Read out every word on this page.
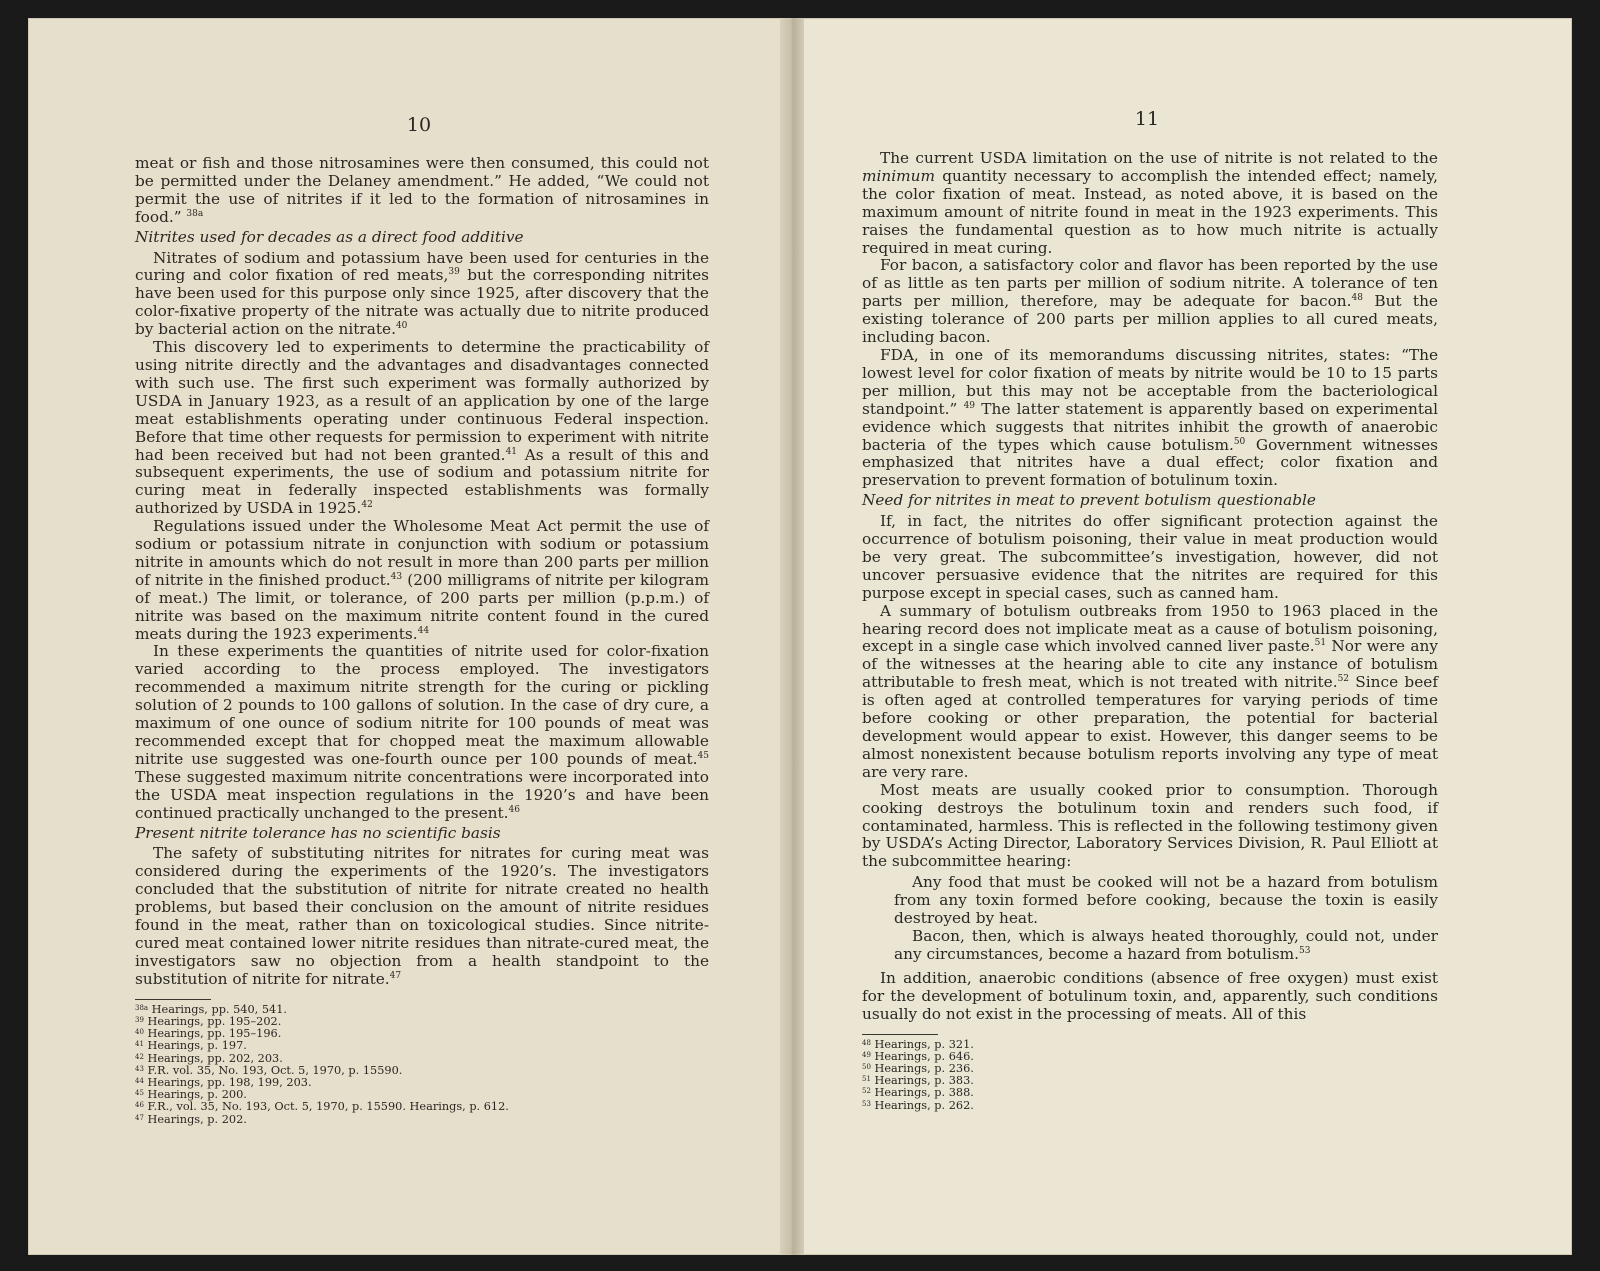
10

meat or fish and those nitrosamines were then consumed, this could not be permitted under the Delaney amendment.” He added, “We could not permit the use of nitrites if it led to the formation of nitrosamines in food.” $^{38a}$

Nitrites used for decades as a direct food additive

Nitrates of sodium and potassium have been used for centuries in the curing and color fixation of red meats,$^{39}$ but the corresponding nitrites have been used for this purpose only since 1925, after discovery that the color-fixative property of the nitrate was actually due to nitrite produced by bacterial action on the nitrate.$^{40}$

This discovery led to experiments to determine the practicability of using nitrite directly and the advantages and disadvantages connected with such use. The first such experiment was formally authorized by USDA in January 1923, as a result of an application by one of the large meat establishments operating under continuous Federal inspection. Before that time other requests for permission to experiment with nitrite had been received but had not been granted.$^{41}$ As a result of this and subsequent experiments, the use of sodium and potassium nitrite for curing meat in federally inspected establishments was formally authorized by USDA in 1925.42

Regulations issued under the Wholesome Meat Act permit the use of sodium or potassium nitrate in conjunction with sodium or potassium nitrite in amounts which do not result in more than 200 parts per million of nitrite in the finished product.$^{43}$ (200 milligrams of nitrite per kilogram of meat.) The limit, or tolerance, of 200 parts per million (p.p.m.) of nitrite was based on the maximum nitrite content found in the cured meats during the 1923 experiments.$^{44}$

In these experiments the quantities of nitrite used for color-fixation varied according to the process employed. The investigators recommended a maximum nitrite strength for the curing or pickling solution of 2 pounds to 100 gallons of solution. In the case of dry cure, a maximum of one ounce of sodium nitrite for 100 pounds of meat was recommended except that for chopped meat the maximum allowable nitrite use suggested was one-fourth ounce per 100 pounds of meat.$^{45}$ These suggested maximum nitrite concentrations were incorporated into the USDA meat inspection regulations in the 1920’s and have been continued practically unchanged to the present.$^{46}$

Present nitrite tolerance has no scientific basis

The safety of substituting nitrites for nitrates for curing meat was considered during the experiments of the 1920’s. The investigators concluded that the substitution of nitrite for nitrate created no health problems, but based their conclusion on the amount of nitrite residues found in the meat, rather than on toxicological studies. Since nitrite-cured meat contained lower nitrite residues than nitrate-cured meat, the investigators saw no objection from a health standpoint to the substitution of nitrite for nitrate.$^{47}$

$^{38a}$ Hearings, pp. 540, 541.
$^{39}$ Hearings, pp. 195–202.
$^{40}$ Hearings, pp. 195–196.
$^{41}$ Hearings, p. 197.
$^{42}$ Hearings, pp. 202, 203.
$^{43}$ F.R. vol. 35, No. 193, Oct. 5, 1970, p. 15590.
$^{44}$ Hearings, pp. 198, 199, 203.
$^{45}$ Hearings, p. 200.
$^{46}$ F.R., vol. 35, No. 193, Oct. 5, 1970, p. 15590. Hearings, p. 612.
$^{47}$ Hearings, p. 202.
11

The current USDA limitation on the use of nitrite is not related to the minimum quantity necessary to accomplish the intended effect; namely, the color fixation of meat. Instead, as noted above, it is based on the maximum amount of nitrite found in meat in the 1923 experiments. This raises the fundamental question as to how much nitrite is actually required in meat curing.

For bacon, a satisfactory color and flavor has been reported by the use of as little as ten parts per million of sodium nitrite. A tolerance of ten parts per million, therefore, may be adequate for bacon.$^{48}$ But the existing tolerance of 200 parts per million applies to all cured meats, including bacon.

FDA, in one of its memorandums discussing nitrites, states: “The lowest level for color fixation of meats by nitrite would be 10 to 15 parts per million, but this may not be acceptable from the bacteriological standpoint.” $^{49}$ The latter statement is apparently based on experimental evidence which suggests that nitrites inhibit the growth of anaerobic bacteria of the types which cause botulism.$^{50}$ Government witnesses emphasized that nitrites have a dual effect; color fixation and preservation to prevent formation of botulinum toxin.

Need for nitrites in meat to prevent botulism questionable

If, in fact, the nitrites do offer significant protection against the occurrence of botulism poisoning, their value in meat production would be very great. The subcommittee’s investigation, however, did not uncover persuasive evidence that the nitrites are required for this purpose except in special cases, such as canned ham.

A summary of botulism outbreaks from 1950 to 1963 placed in the hearing record does not implicate meat as a cause of botulism poisoning, except in a single case which involved canned liver paste.$^{51}$ Nor were any of the witnesses at the hearing able to cite any instance of botulism attributable to fresh meat, which is not treated with nitrite.$^{52}$ Since beef is often aged at controlled temperatures for varying periods of time before cooking or other preparation, the potential for bacterial development would appear to exist. However, this danger seems to be almost nonexistent because botulism reports involving any type of meat are very rare.

Most meats are usually cooked prior to consumption. Thorough cooking destroys the botulinum toxin and renders such food, if contaminated, harmless. This is reflected in the following testimony given by USDA’s Acting Director, Laboratory Services Division, R. Paul Elliott at the subcommittee hearing:

Any food that must be cooked will not be a hazard from botulism from any toxin formed before cooking, because the toxin is easily destroyed by heat.

Bacon, then, which is always heated thoroughly, could not, under any circumstances, become a hazard from botulism.$^{53}$

In addition, anaerobic conditions (absence of free oxygen) must exist for the development of botulinum toxin, and, apparently, such conditions usually do not exist in the processing of meats. All of this

$^{48}$ Hearings, p. 321.
$^{49}$ Hearings, p. 646.
$^{50}$ Hearings, p. 236.
$^{51}$ Hearings, p. 383.
$^{52}$ Hearings, p. 388.
$^{53}$ Hearings, p. 262.
